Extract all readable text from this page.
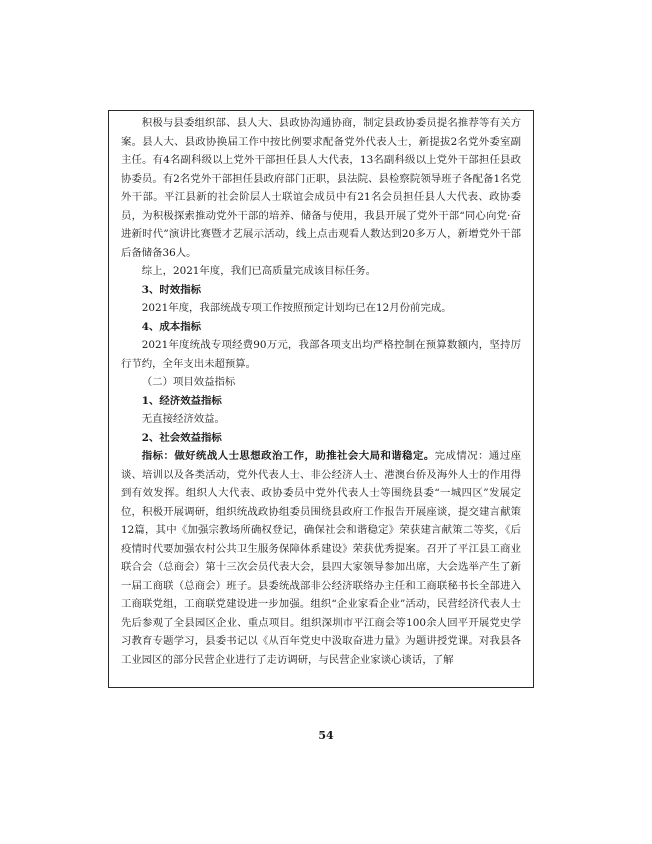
积极与县委组织部、县人大、县政协沟通协商，制定县政协委员提名推荐等有关方案。县人大、县政协换届工作中按比例要求配备党外代表人士，新提拔2名党外委室副主任。有4名副科级以上党外干部担任县人大代表，13名副科级以上党外干部担任县政协委员。有2名党外干部担任县政府部门正职，县法院、县检察院领导班子各配备1名党外干部。平江县新的社会阶层人士联谊会成员中有21名会员担任县人大代表、政协委员，为积极探索推动党外干部的培养、储备与使用，我县开展了党外干部“同心向党·奋进新时代”演讲比赛暨才艺展示活动，线上点击观看人数达到20多万人，新增党外干部后备储备36人。

综上，2021年度，我们已高质量完成该目标任务。

3、时效指标

2021年度，我部统战专项工作按照预定计划均已在12月份前完成。

4、成本指标

2021年度统战专项经费90万元，我部各项支出均严格控制在预算数额内，坚持厉行节约，全年支出未超预算。

（二）项目效益指标

1、经济效益指标

无直接经济效益。

2、社会效益指标

指标：做好统战人士思想政治工作，助推社会大局和谐稳定。完成情况：通过座谈、培训以及各类活动，党外代表人士、非公经济人士、港澳台侨及海外人士的作用得到有效发挥。组织人大代表、政协委员中党外代表人士等围绕县委“一城四区”发展定位，积极开展调研，组织统战政协组委员围绕县政府工作报告开展座谈，提交建言献策12篇，其中《加强宗教场所确权登记，确保社会和谐稳定》荣获建言献策二等奖，《后疫情时代要加强农村公共卫生服务保障体系建设》荣获优秀提案。召开了平江县工商业联合会（总商会）第十三次会员代表大会，县四大家领导参加出席，大会选举产生了新一届工商联（总商会）班子。县委统战部非公经济联络办主任和工商联秘书长全部进入工商联党组，工商联党建设进一步加强。组织“企业家看企业”活动，民营经济代表人士先后参观了全县园区企业、重点项目。组织深圳市平江商会等100余人回平开展党史学习教育专题学习，县委书记以《从百年党史中汲取奋进力量》为题讲授党课。对我县各工业园区的部分民营企业进行了走访调研，与民营企业家谈心谈话，了解

54
